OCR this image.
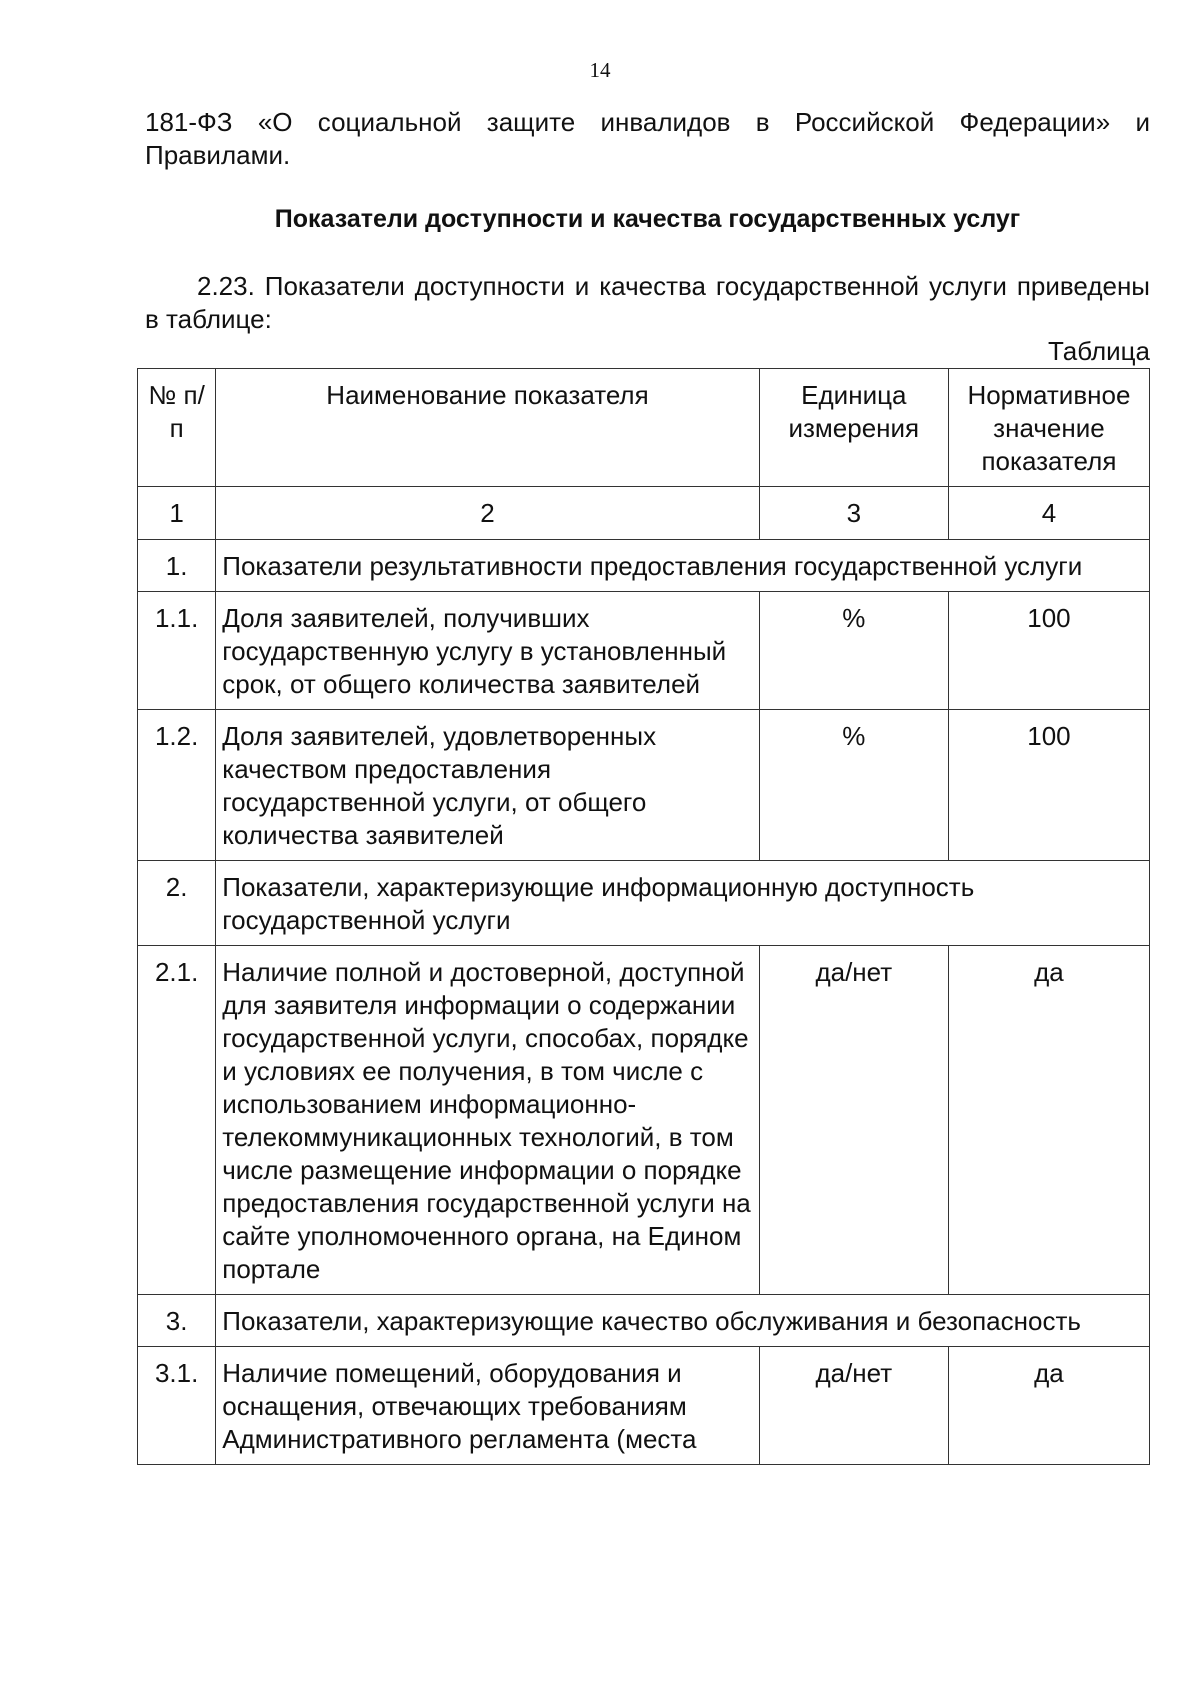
14
181-ФЗ «О социальной защите инвалидов в Российской Федерации» и Правилами.
Показатели доступности и качества государственных услуг
2.23. Показатели доступности и качества государственной услуги приведены в таблице:
Таблица
№ п/п	Наименование показателя	Единица измерения	Нормативное значение показателя
1	2	3	4
1.	Показатели результативности предоставления государственной услуги		
1.1.	Доля заявителей, получивших государственную услугу в установленный срок, от общего количества заявителей	%	100
1.2.	Доля заявителей, удовлетворенных качеством предоставления государственной услуги, от общего количества заявителей	%	100
2.	Показатели, характеризующие информационную доступность государственной услуги		
2.1.	Наличие полной и достоверной, доступной для заявителя информации о содержании государственной услуги, способах, порядке и условиях ее получения, в том числе с использованием информационно-телекоммуникационных технологий, в том числе размещение информации о порядке предоставления государственной услуги на сайте уполномоченного органа, на Едином портале	да/нет	да
3.	Показатели, характеризующие качество обслуживания и безопасность		
3.1.	Наличие помещений, оборудования и оснащения, отвечающих требованиям Административного регламента (места	да/нет	да
